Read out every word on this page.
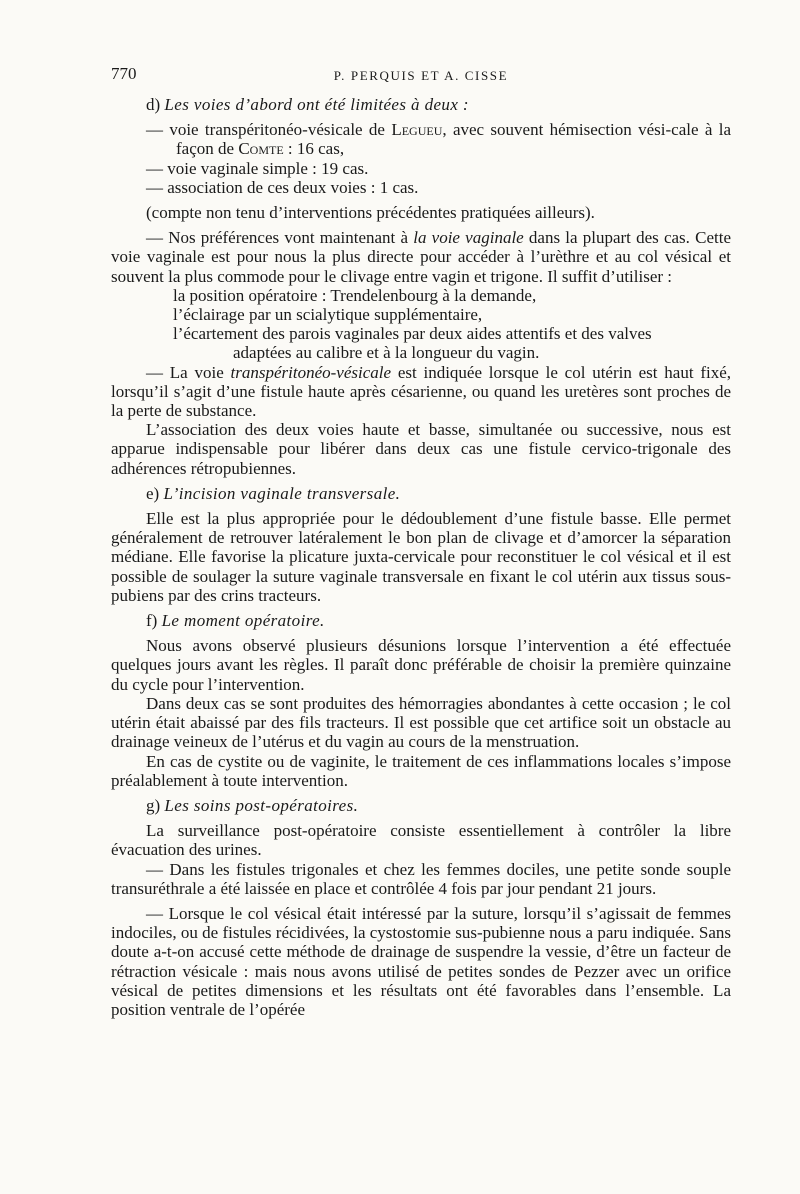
770	P. PERQUIS ET A. CISSE

d) Les voies d’abord ont été limitées à deux :

— voie transpéritonéo-vésicale de Legueu, avec souvent hémisection vési-cale à la façon de Comte : 16 cas,

— voie vaginale simple : 19 cas.

— association de ces deux voies : 1 cas.

(compte non tenu d’interventions précédentes pratiquées ailleurs).

— Nos préférences vont maintenant à la voie vaginale dans la plupart des cas. Cette voie vaginale est pour nous la plus directe pour accéder à l’urèthre et au col vésical et souvent la plus commode pour le clivage entre vagin et trigone. Il suffit d’utiliser :

la position opératoire : Trendelenbourg à la demande,
l’éclairage par un scialytique supplémentaire,
l’écartement des parois vaginales par deux aides attentifs et des valves
adaptées au calibre et à la longueur du vagin.

— La voie transpéritonéo-vésicale est indiquée lorsque le col utérin est haut fixé, lorsqu’il s’agit d’une fistule haute après césarienne, ou quand les uretères sont proches de la perte de substance.

L’association des deux voies haute et basse, simultanée ou successive, nous est apparue indispensable pour libérer dans deux cas une fistule cervico-trigonale des adhérences rétropubiennes.

e) L’incision vaginale transversale.

Elle est la plus appropriée pour le dédoublement d’une fistule basse. Elle permet généralement de retrouver latéralement le bon plan de clivage et d’amorcer la séparation médiane. Elle favorise la plicature juxta-cervicale pour reconstituer le col vésical et il est possible de soulager la suture vaginale transversale en fixant le col utérin aux tissus sous-pubiens par des crins tracteurs.

f) Le moment opératoire.

Nous avons observé plusieurs désunions lorsque l’intervention a été effectuée quelques jours avant les règles. Il paraît donc préférable de choisir la première quinzaine du cycle pour l’intervention.

Dans deux cas se sont produites des hémorragies abondantes à cette occasion ; le col utérin était abaissé par des fils tracteurs. Il est possible que cet artifice soit un obstacle au drainage veineux de l’utérus et du vagin au cours de la menstruation.

En cas de cystite ou de vaginite, le traitement de ces inflammations locales s’impose préalablement à toute intervention.

g) Les soins post-opératoires.

La surveillance post-opératoire consiste essentiellement à contrôler la libre évacuation des urines.

— Dans les fistules trigonales et chez les femmes dociles, une petite sonde souple transuréthrale a été laissée en place et contrôlée 4 fois par jour pendant 21 jours.

— Lorsque le col vésical était intéressé par la suture, lorsqu’il s’agissait de femmes indociles, ou de fistules récidivées, la cystostomie sus-pubienne nous a paru indiquée. Sans doute a-t-on accusé cette méthode de drainage de suspendre la vessie, d’être un facteur de rétraction vésicale : mais nous avons utilisé de petites sondes de Pezzer avec un orifice vésical de petites dimensions et les résultats ont été favorables dans l’ensemble. La position ventrale de l’opérée
